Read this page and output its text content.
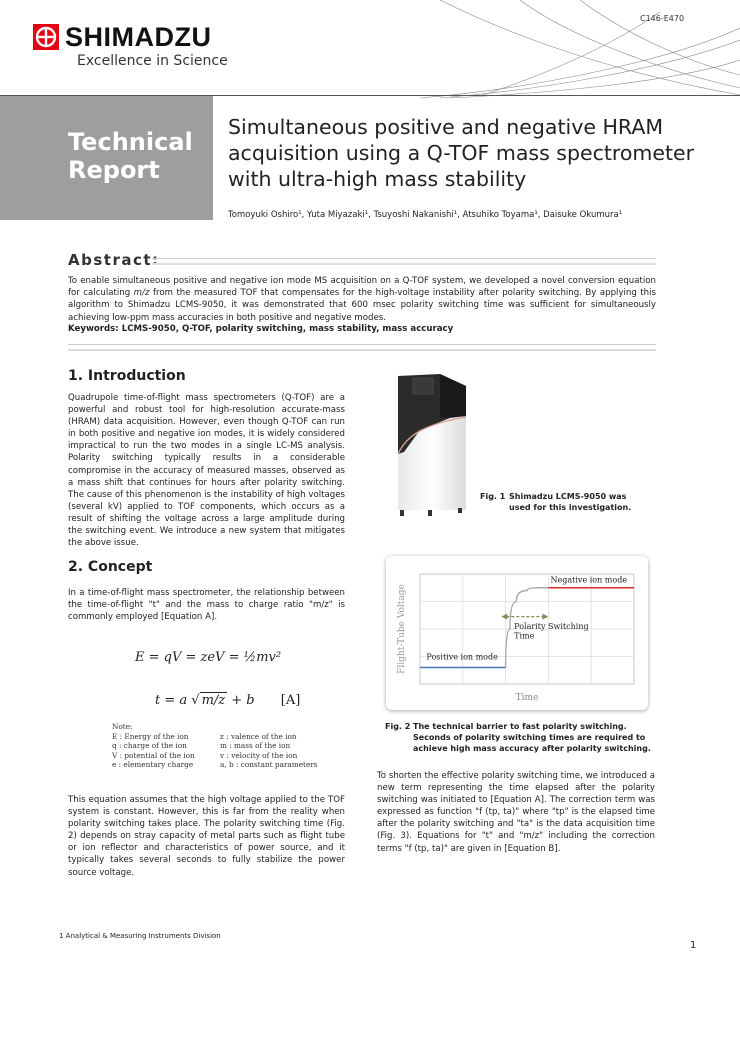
C146-E470
SHIMADZU
Excellence in Science
Technical
Report
Simultaneous positive and negative HRAM acquisition using a Q-TOF mass spectrometer with ultra-high mass stability
Tomoyuki Oshiro¹, Yuta Miyazaki¹, Tsuyoshi Nakanishi¹, Atsuhiko Toyama¹, Daisuke Okumura¹
Abstract:
To enable simultaneous positive and negative ion mode MS acquisition on a Q-TOF system, we developed a novel conversion equation for calculating m/z from the measured TOF that compensates for the high-voltage instability after polarity switching. By applying this algorithm to Shimadzu LCMS-9050, it was demonstrated that 600 msec polarity switching time was sufficient for simultaneously achieving low-ppm mass accuracies in both positive and negative modes.
Keywords: LCMS-9050, Q-TOF, polarity switching, mass stability, mass accuracy
1. Introduction
Quadrupole time-of-flight mass spectrometers (Q-TOF) are a powerful and robust tool for high-resolution accurate-mass (HRAM) data acquisition. However, even though Q-TOF can run in both positive and negative ion modes, it is widely considered impractical to run the two modes in a single LC-MS analysis. Polarity switching typically results in a considerable compromise in the accuracy of measured masses, observed as a mass shift that continues for hours after polarity switching. The cause of this phenomenon is the instability of high voltages (several kV) applied to TOF components, which occurs as a result of shifting the voltage across a large amplitude during the switching event. We introduce a new system that mitigates the above issue.
2. Concept
In a time-of-flight mass spectrometer, the relationship between the time-of-flight "t" and the mass to charge ratio "m/z" is commonly employed [Equation A].
E = qV = zeV = ½mv²
t = a √ m/z + b [A]
Note:
E : Energy of the ion
q : charge of the ion
V : potential of the ion
e : elementary charge
z : valence of the ion
m : mass of the ion
v : velocity of the ion
a, b : constant parameters
This equation assumes that the high voltage applied to the TOF system is constant. However, this is far from the reality when polarity switching takes place. The polarity switching time (Fig. 2) depends on stray capacity of metal parts such as flight tube or ion reflector and characteristics of power source, and it typically takes several seconds to fully stabilize the power source voltage.
Fig. 1 Shimadzu LCMS-9050 was used for this investigation.
Positive ion mode
Negative ion mode
Polarity Switching
Time
Time
Flight-Tube Voltage
Fig. 2 The technical barrier to fast polarity switching. Seconds of polarity switching times are required to achieve high mass accuracy after polarity switching.
To shorten the effective polarity switching time, we introduced a new term representing the time elapsed after the polarity switching was initiated to [Equation A]. The correction term was expressed as function "f (tp, ta)" where "tp" is the elapsed time after the polarity switching and "ta" is the data acquisition time (Fig. 3). Equations for "t" and "m/z" including the correction terms "f (tp, ta)" are given in [Equation B].
1 Analytical & Measuring Instruments Division
1
